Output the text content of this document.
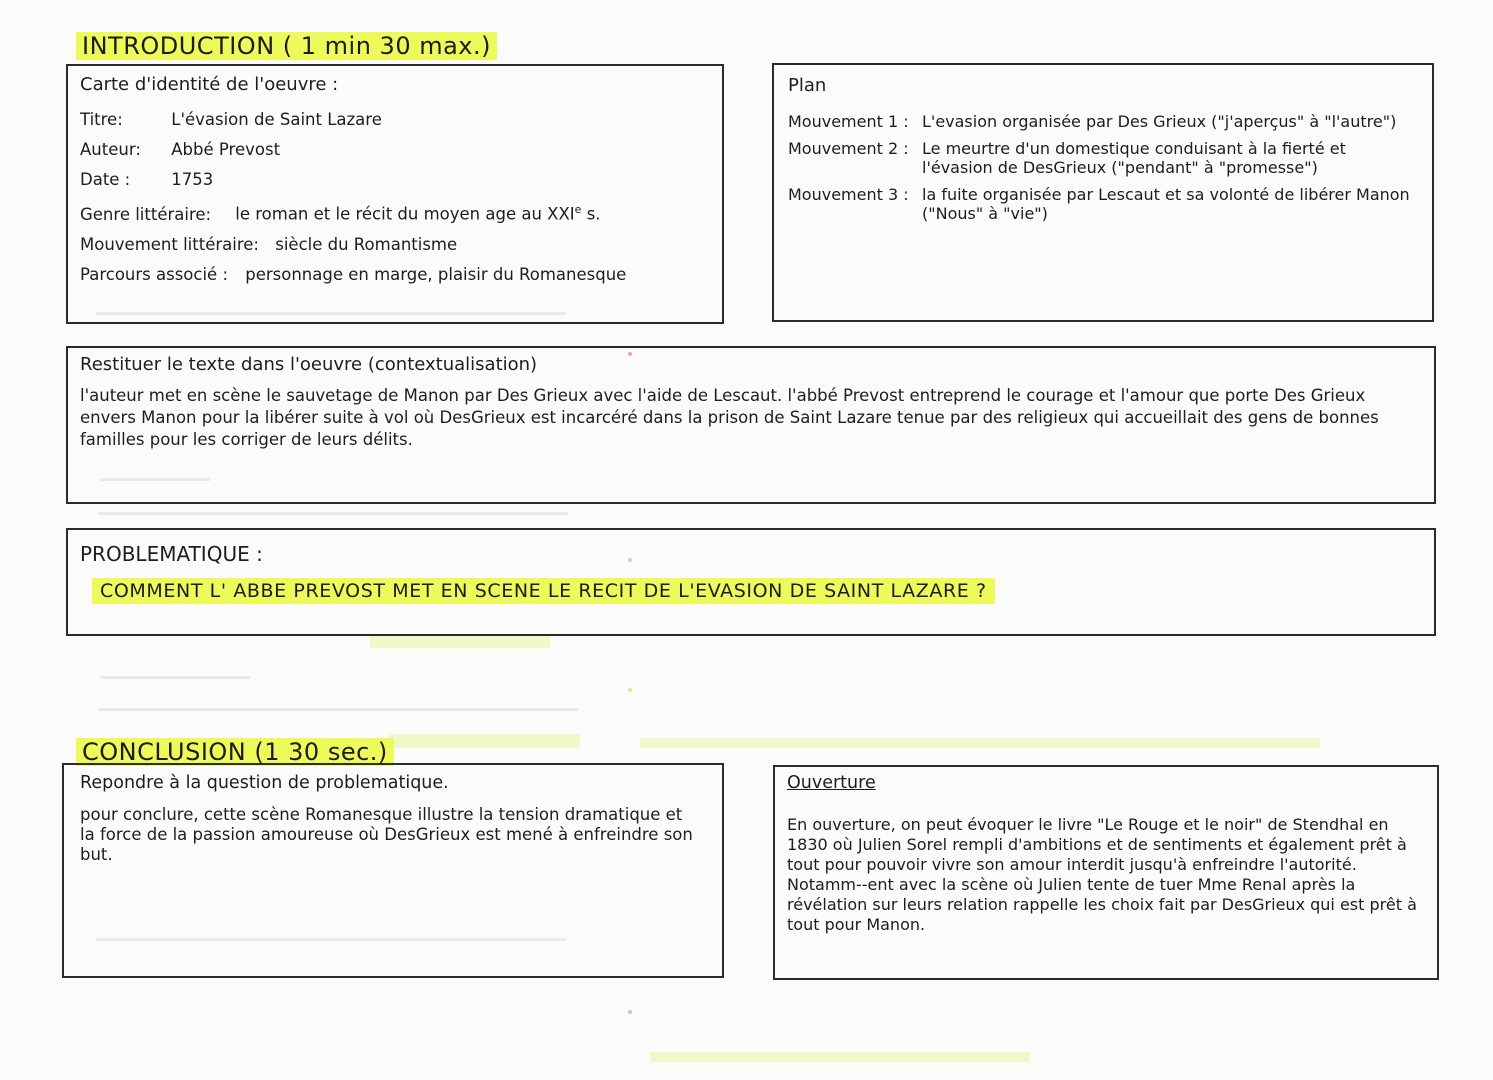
INTRODUCTION ( 1 min 30 max.)

Carte d'identité de l'oeuvre :

Titre:	L'évasion de Saint Lazare
Auteur: Abbé Prevost
Date : 1753
Genre littéraire: le roman et le récit du moyen age au XXIe s.
Mouvement littéraire: siècle du Romantisme
Parcours associé : personnage en marge, plaisir du Romanesque

Plan

Mouvement 1 : L'evasion organisée par Des Grieux ("j'aperçus" à "l'autre")
Mouvement 2 : Le meurtre d'un domestique conduisant à la fierté et l'évasion de DesGrieux ("pendant" à "promesse")
Mouvement 3 : la fuite organisée par Lescaut et sa volonté de libérer Manon ("Nous" à "vie")

Restituer le texte dans l'oeuvre (contextualisation)

l'auteur met en scène le sauvetage de Manon par Des Grieux avec l'aide de Lescaut. l'abbé Prevost entreprend le courage et l'amour que porte Des Grieux envers Manon pour la libérer suite à vol où DesGrieux est incarcéré dans la prison de Saint Lazare tenue par des religieux qui accueillait des gens de bonnes familles pour les corriger de leurs délits.

PROBLEMATIQUE :

COMMENT L' ABBE PREVOST MET EN SCENE LE RECIT DE L'EVASION DE SAINT LAZARE ?
CONCLUSION (1 30 sec.)

Repondre à la question de problematique.

pour conclure, cette scène Romanesque illustre la tension dramatique et la force de la passion amoureuse où DesGrieux est mené à enfreindre son but.

Ouverture

En ouverture, on peut évoquer le livre "Le Rouge et le noir" de Stendhal en 1830 où Julien Sorel rempli d'ambitions et de sentiments et également prêt à tout pour pouvoir vivre son amour interdit jusqu'à enfreindre l'autorité. Notamm--ent avec la scène où Julien tente de tuer Mme Renal après la révélation sur leurs relation rappelle les choix fait par DesGrieux qui est prêt à tout pour Manon.
